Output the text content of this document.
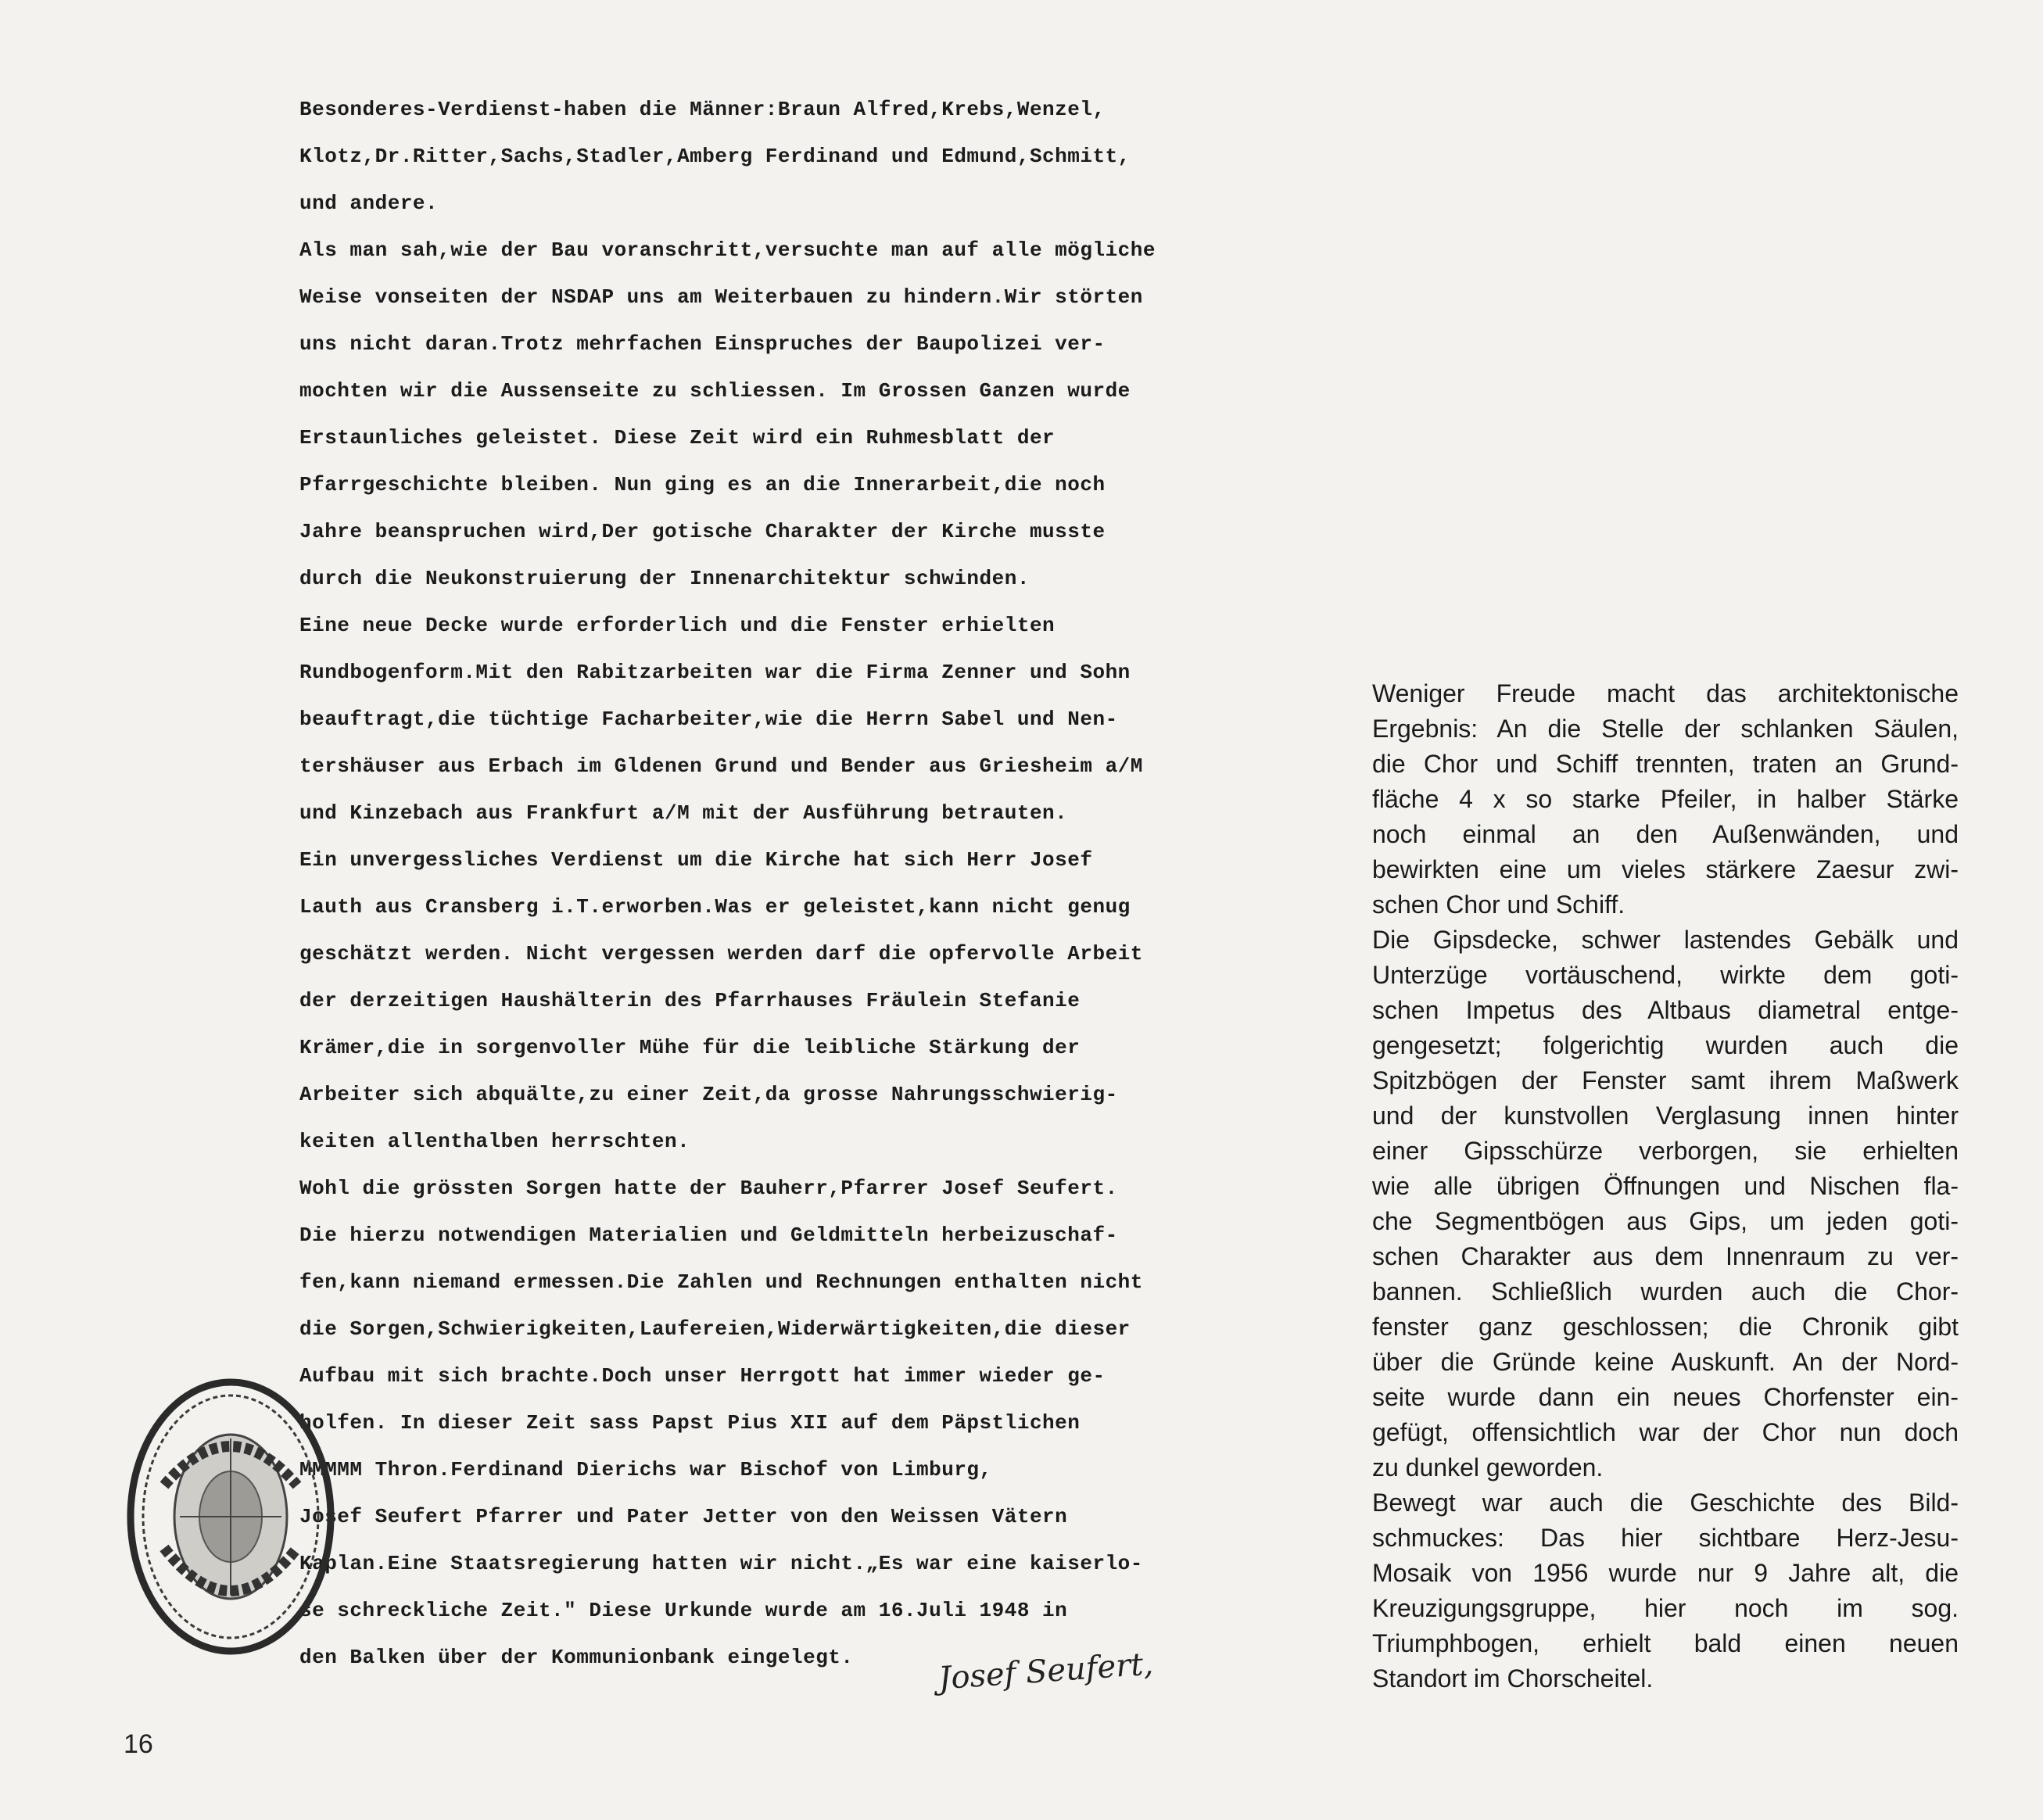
Besonderes-Verdienst-haben die Männer:Braun Alfred,Krebs,Wenzel,
Klotz,Dr.Ritter,Sachs,Stadler,Amberg Ferdinand und Edmund,Schmitt,
und andere.
Als man sah,wie der Bau voranschritt,versuchte man auf alle mögliche
Weise vonseiten der NSDAP uns am Weiterbauen zu hindern.Wir störten
uns nicht daran.Trotz mehrfachen Einspruches der Baupolizei ver-
mochten wir die Aussenseite zu schliessen. Im Grossen Ganzen wurde
Erstaunliches geleistet. Diese Zeit wird ein Ruhmesblatt der
Pfarrgeschichte bleiben. Nun ging es an die Innerarbeit,die noch
Jahre beanspruchen wird,Der gotische Charakter der Kirche musste
durch die Neukonstruierung der Innenarchitektur schwinden.
Eine neue Decke wurde erforderlich und die Fenster erhielten
Rundbogenform.Mit den Rabitzarbeiten war die Firma Zenner und Sohn
beauftragt,die tüchtige Facharbeiter,wie die Herrn Sabel und Nen-
tershäuser aus Erbach im Gldenen Grund und Bender aus Griesheim a/M
und Kinzebach aus Frankfurt a/M mit der Ausführung betrauten.
Ein unvergessliches Verdienst um die Kirche hat sich Herr Josef
Lauth aus Cransberg i.T.erworben.Was er geleistet,kann nicht genug
geschätzt werden. Nicht vergessen werden darf die opfervolle Arbeit
der derzeitigen Haushälterin des Pfarrhauses Fräulein Stefanie
Krämer,die in sorgenvoller Mühe für die leibliche Stärkung der
Arbeiter sich abquälte,zu einer Zeit,da grosse Nahrungsschwierig-
keiten allenthalben herrschten.
Wohl die grössten Sorgen hatte der Bauherr,Pfarrer Josef Seufert.
Die hierzu notwendigen Materialien und Geldmitteln herbeizuschaf-
fen,kann niemand ermessen.Die Zahlen und Rechnungen enthalten nicht
die Sorgen,Schwierigkeiten,Laufereien,Widerwärtigkeiten,die dieser
Aufbau mit sich brachte.Doch unser Herrgott hat immer wieder ge-
holfen. In dieser Zeit sass Papst Pius XII auf dem Päpstlichen
MMMMM Thron.Ferdinand Dierichs war Bischof von Limburg,
Josef Seufert Pfarrer und Pater Jetter von den Weissen Vätern
Kaplan.Eine Staatsregierung hatten wir nicht.„Es war eine kaiserlo-
se schreckliche Zeit." Diese Urkunde wurde am 16.Juli 1948 in
den Balken über der Kommunionbank eingelegt.	Josef Seufert,
Weniger Freude macht das architektonische
Ergebnis: An die Stelle der schlanken Säulen,
die Chor und Schiff trennten, traten an Grund-
fläche 4 x so starke Pfeiler, in halber Stärke
noch einmal an den Außenwänden, und
bewirkten eine um vieles stärkere Zaesur zwi-
schen Chor und Schiff.
Die Gipsdecke, schwer lastendes Gebälk und
Unterzüge vortäuschend, wirkte dem goti-
schen Impetus des Altbaus diametral entge-
gengesetzt; folgerichtig wurden auch die
Spitzbögen der Fenster samt ihrem Maßwerk
und der kunstvollen Verglasung innen hinter
einer Gipsschürze verborgen, sie erhielten
wie alle übrigen Öffnungen und Nischen fla-
che Segmentbögen aus Gips, um jeden goti-
schen Charakter aus dem Innenraum zu ver-
bannen. Schließlich wurden auch die Chor-
fenster ganz geschlossen; die Chronik gibt
über die Gründe keine Auskunft. An der Nord-
seite wurde dann ein neues Chorfenster ein-
gefügt, offensichtlich war der Chor nun doch
zu dunkel geworden.
Bewegt war auch die Geschichte des Bild-
schmuckes: Das hier sichtbare Herz-Jesu-
Mosaik von 1956 wurde nur 9 Jahre alt, die
Kreuzigungsgruppe, hier noch im sog.
Triumphbogen, erhielt bald einen neuen
Standort im Chorscheitel.
16
